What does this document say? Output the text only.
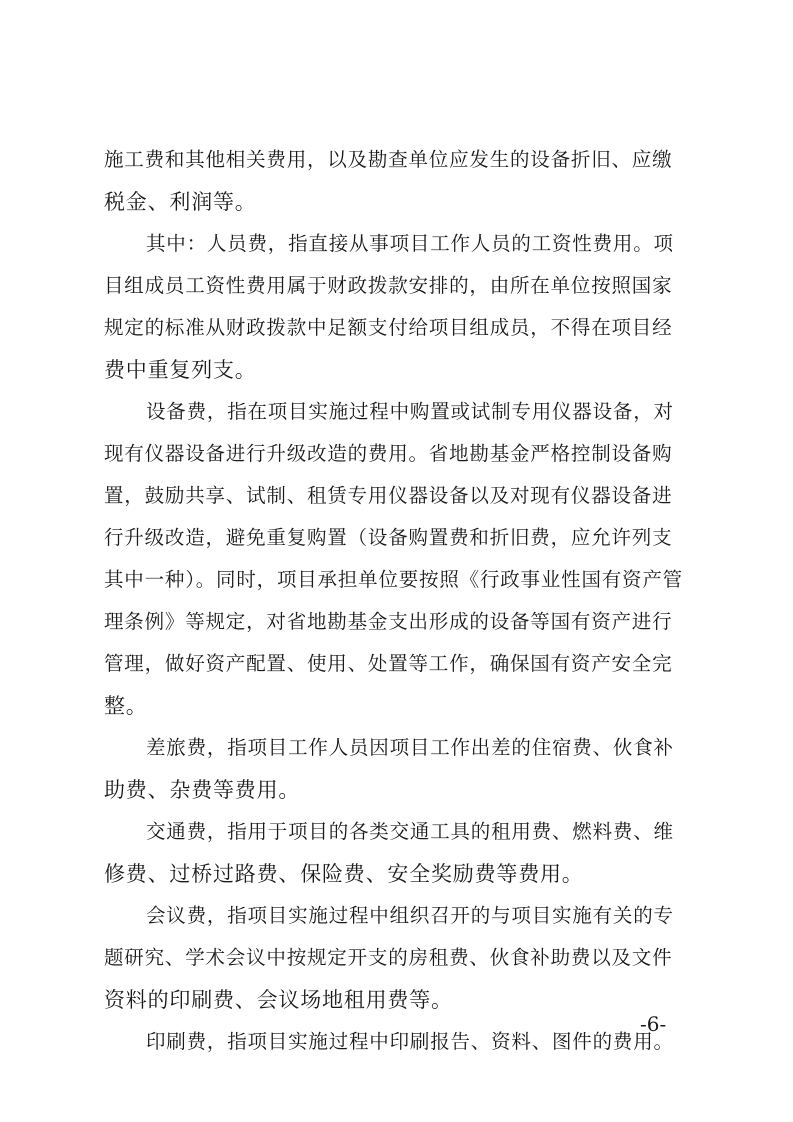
施工费和其他相关费用，以及勘查单位应发生的设备折旧、应缴
税金、利润等。
其中：人员费，指直接从事项目工作人员的工资性费用。项
目组成员工资性费用属于财政拨款安排的，由所在单位按照国家
规定的标准从财政拨款中足额支付给项目组成员，不得在项目经
费中重复列支。
设备费，指在项目实施过程中购置或试制专用仪器设备，对
现有仪器设备进行升级改造的费用。省地勘基金严格控制设备购
置，鼓励共享、试制、租赁专用仪器设备以及对现有仪器设备进
行升级改造，避免重复购置（设备购置费和折旧费，应允许列支
其中一种）。同时，项目承担单位要按照《行政事业性国有资产管
理条例》等规定，对省地勘基金支出形成的设备等国有资产进行
管理，做好资产配置、使用、处置等工作，确保国有资产安全完
整。
差旅费，指项目工作人员因项目工作出差的住宿费、伙食补
助费、杂费等费用。
交通费，指用于项目的各类交通工具的租用费、燃料费、维
修费、过桥过路费、保险费、安全奖励费等费用。
会议费，指项目实施过程中组织召开的与项目实施有关的专
题研究、学术会议中按规定开支的房租费、伙食补助费以及文件
资料的印刷费、会议场地租用费等。
印刷费，指项目实施过程中印刷报告、资料、图件的费用。
-6-
